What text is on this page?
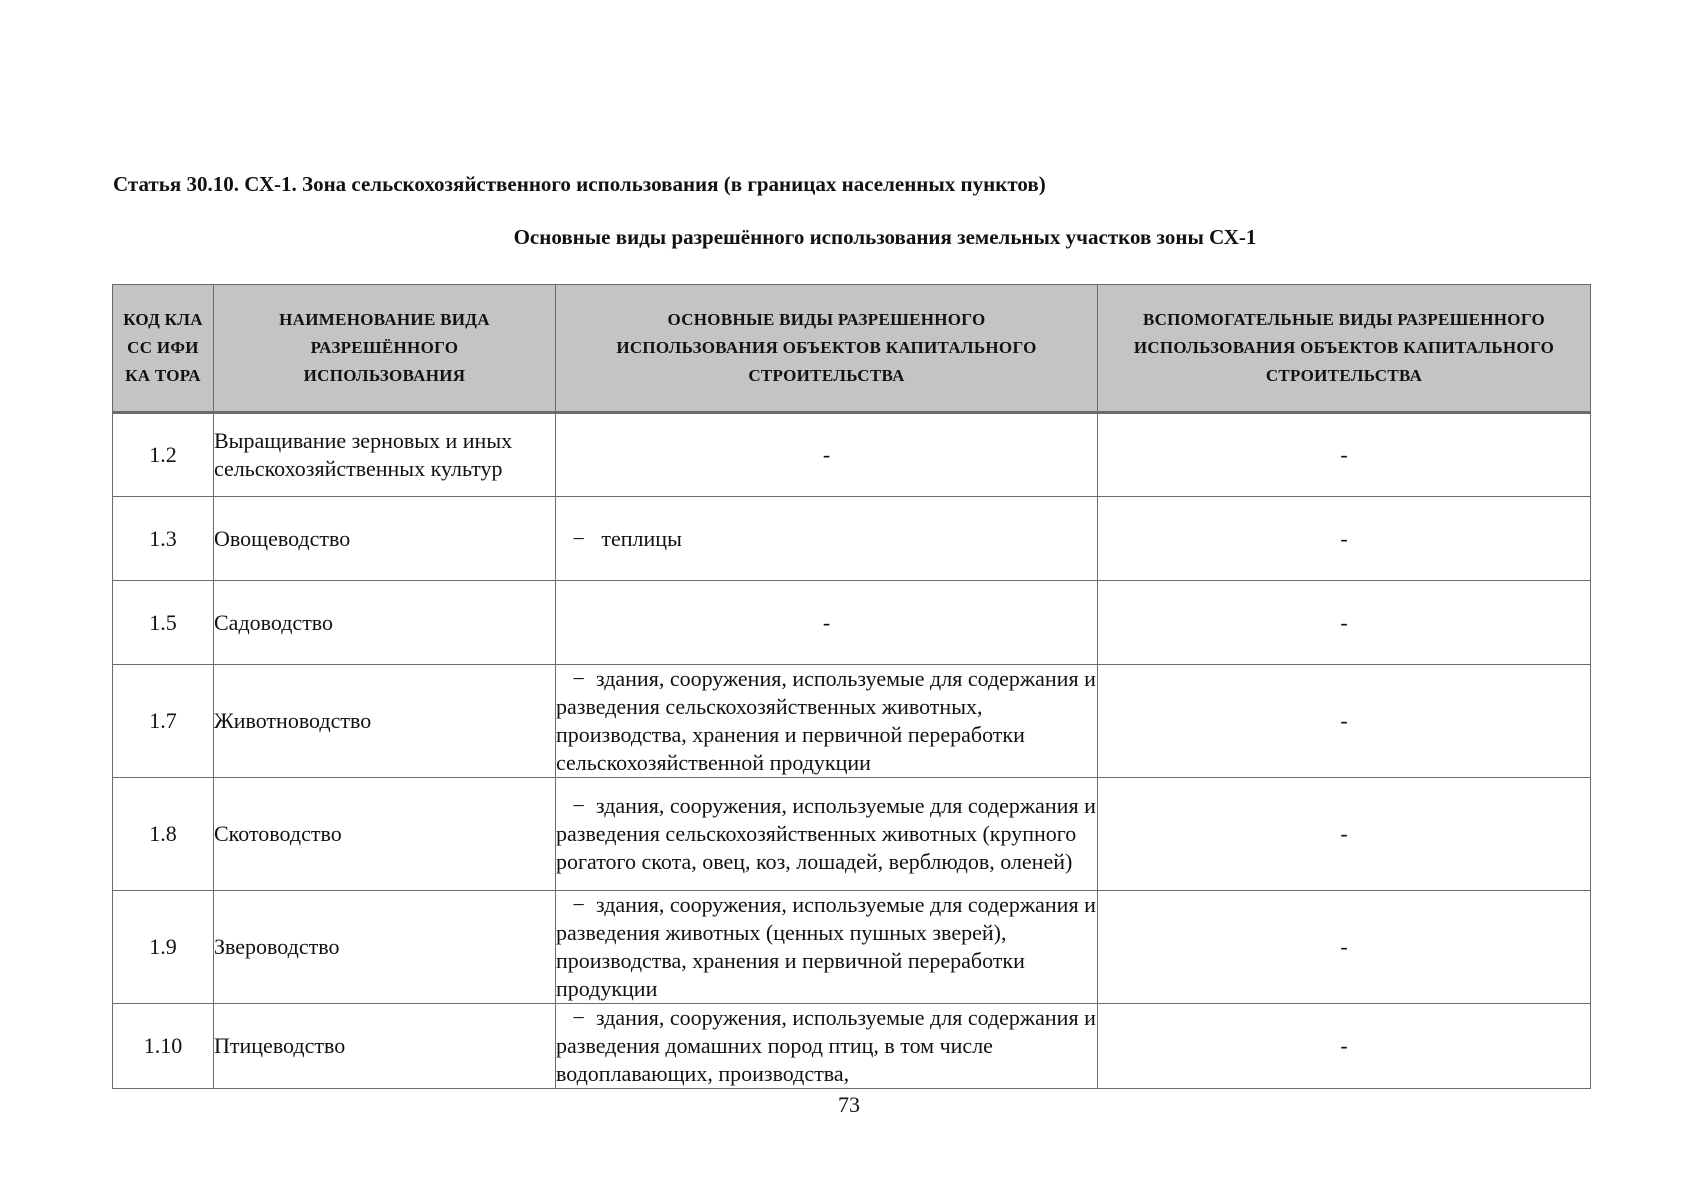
Статья 30.10. СХ-1. Зона сельскохозяйственного использования (в границах населенных пунктов)
Основные виды разрешённого использования земельных участков зоны СХ-1
КОД КЛАСС ИФИКА ТОРА	НАИМЕНОВАНИЕ ВИДА РАЗРЕШЁННОГО ИСПОЛЬЗОВАНИЯ	ОСНОВНЫЕ ВИДЫ РАЗРЕШЕННОГО ИСПОЛЬЗОВАНИЯ ОБЪЕКТОВ КАПИТАЛЬНОГО СТРОИТЕЛЬСТВА	ВСПОМОГАТЕЛЬНЫЕ ВИДЫ РАЗРЕШЕННОГО ИСПОЛЬЗОВАНИЯ ОБЪЕКТОВ КАПИТАЛЬНОГО СТРОИТЕЛЬСТВА

1.2	Выращивание зерновых и иных сельскохозяйственных культур	-	-
1.3	Овощеводство	−   теплицы	-
1.5	Садоводство	-	-
1.7	Животноводство	−  здания, сооружения, используемые для содержания и разведения сельскохозяйственных животных, производства, хранения и первичной переработки сельскохозяйственной продукции	-
1.8	Скотоводство	−  здания, сооружения, используемые для содержания и разведения сельскохозяйственных животных (крупного рогатого скота, овец, коз, лошадей, верблюдов, оленей)	-
1.9	Звероводство	−  здания, сооружения, используемые для содержания и разведения животных (ценных пушных зверей), производства, хранения и первичной переработки продукции	-
1.10	Птицеводство	−  здания, сооружения, используемые для содержания и разведения домашних пород птиц, в том числе водоплавающих, производства,	-
73
